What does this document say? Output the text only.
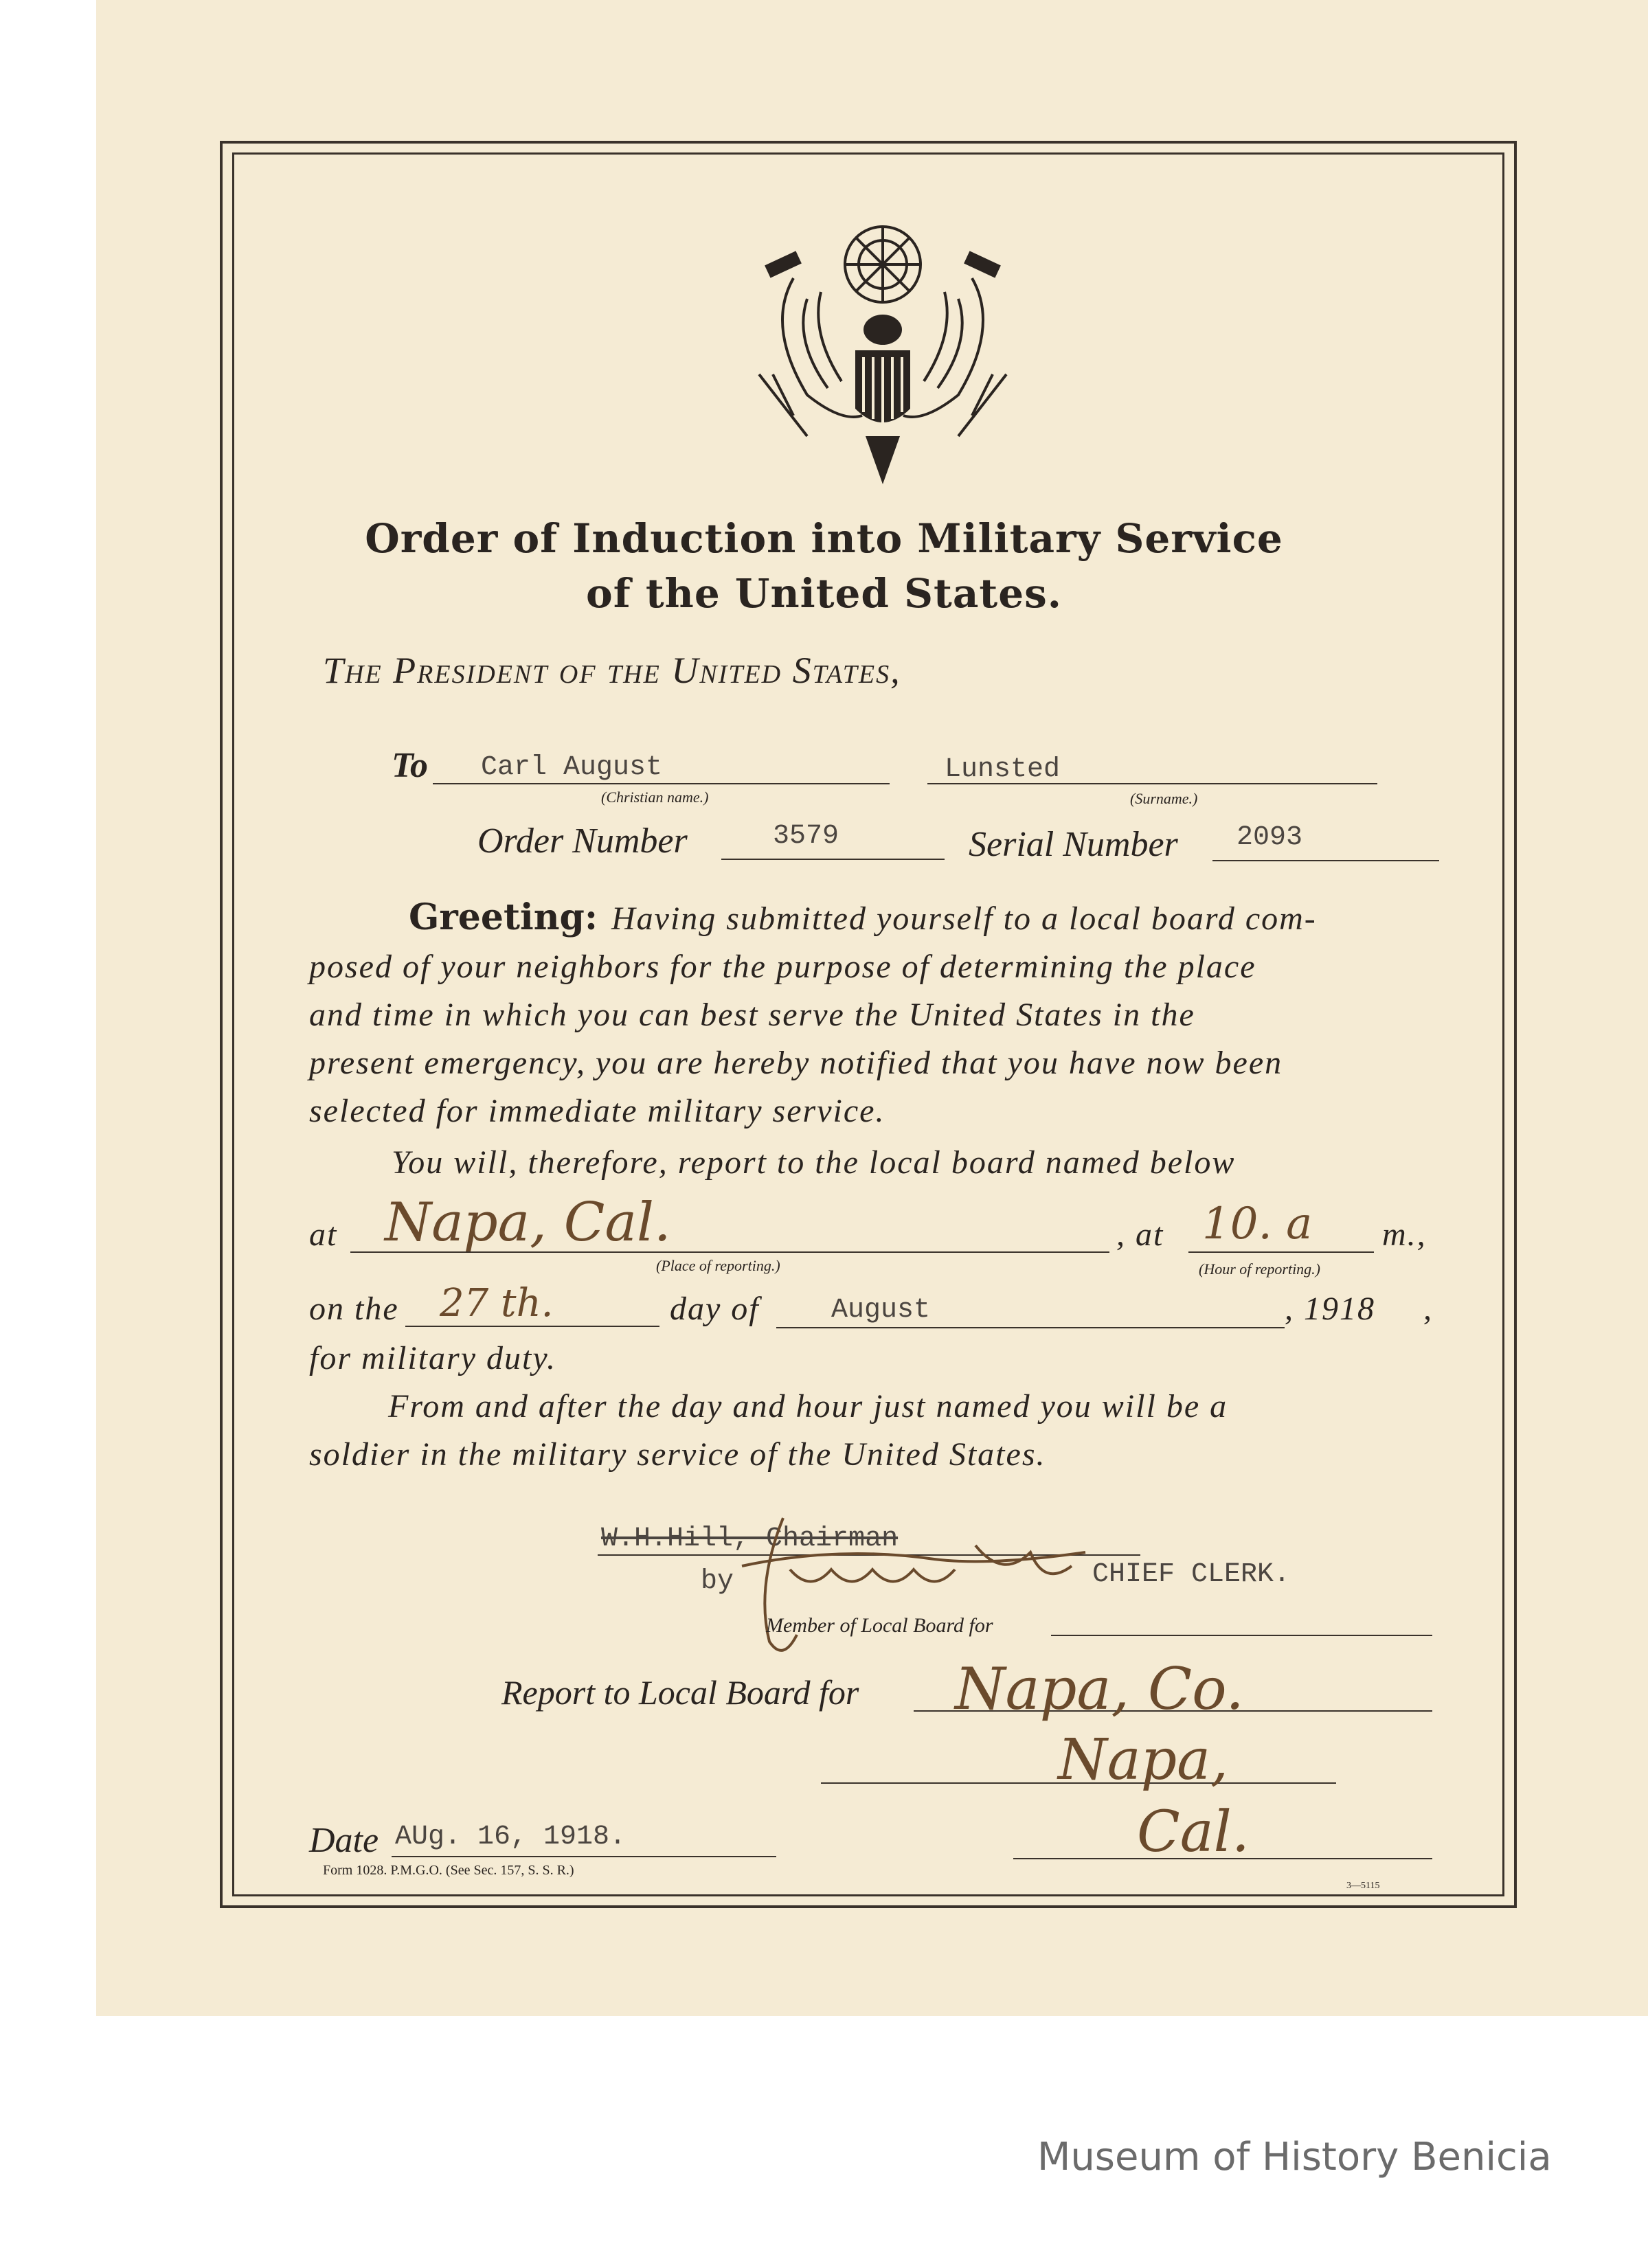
Order of Induction into Military Service
of the United States.
The President of the United States,
To Carl August
(Christian name.)
Lunsted
(Surname.)
Order Number	3579	Serial Number 2093
Greeting: Having submitted yourself to a local board com-
posed of your neighbors for the purpose of determining the place
and time in which you can best serve the United States in the
present emergency, you are hereby notified that you have now been
selected for immediate military service.
You will, therefore, report to the local board named below
at Napa, Cal.
(Place of reporting.)
, at 10. a m.,
(Hour of reporting.)
on the 27 th.	day of	August	, 1918 ,
for military duty.
From and after the day and hour just named you will be a
soldier in the military service of the United States.
W.H.Hill, Chairman
by	CHIEF CLERK.
Member of Local Board for
Report to Local Board for Napa, Co.
Napa,
Cal.
Date AUg. 16, 1918.
Form 1028. P.M.G.O. (See Sec. 157, S. S. R.)
3—5115
Museum of History Benicia
